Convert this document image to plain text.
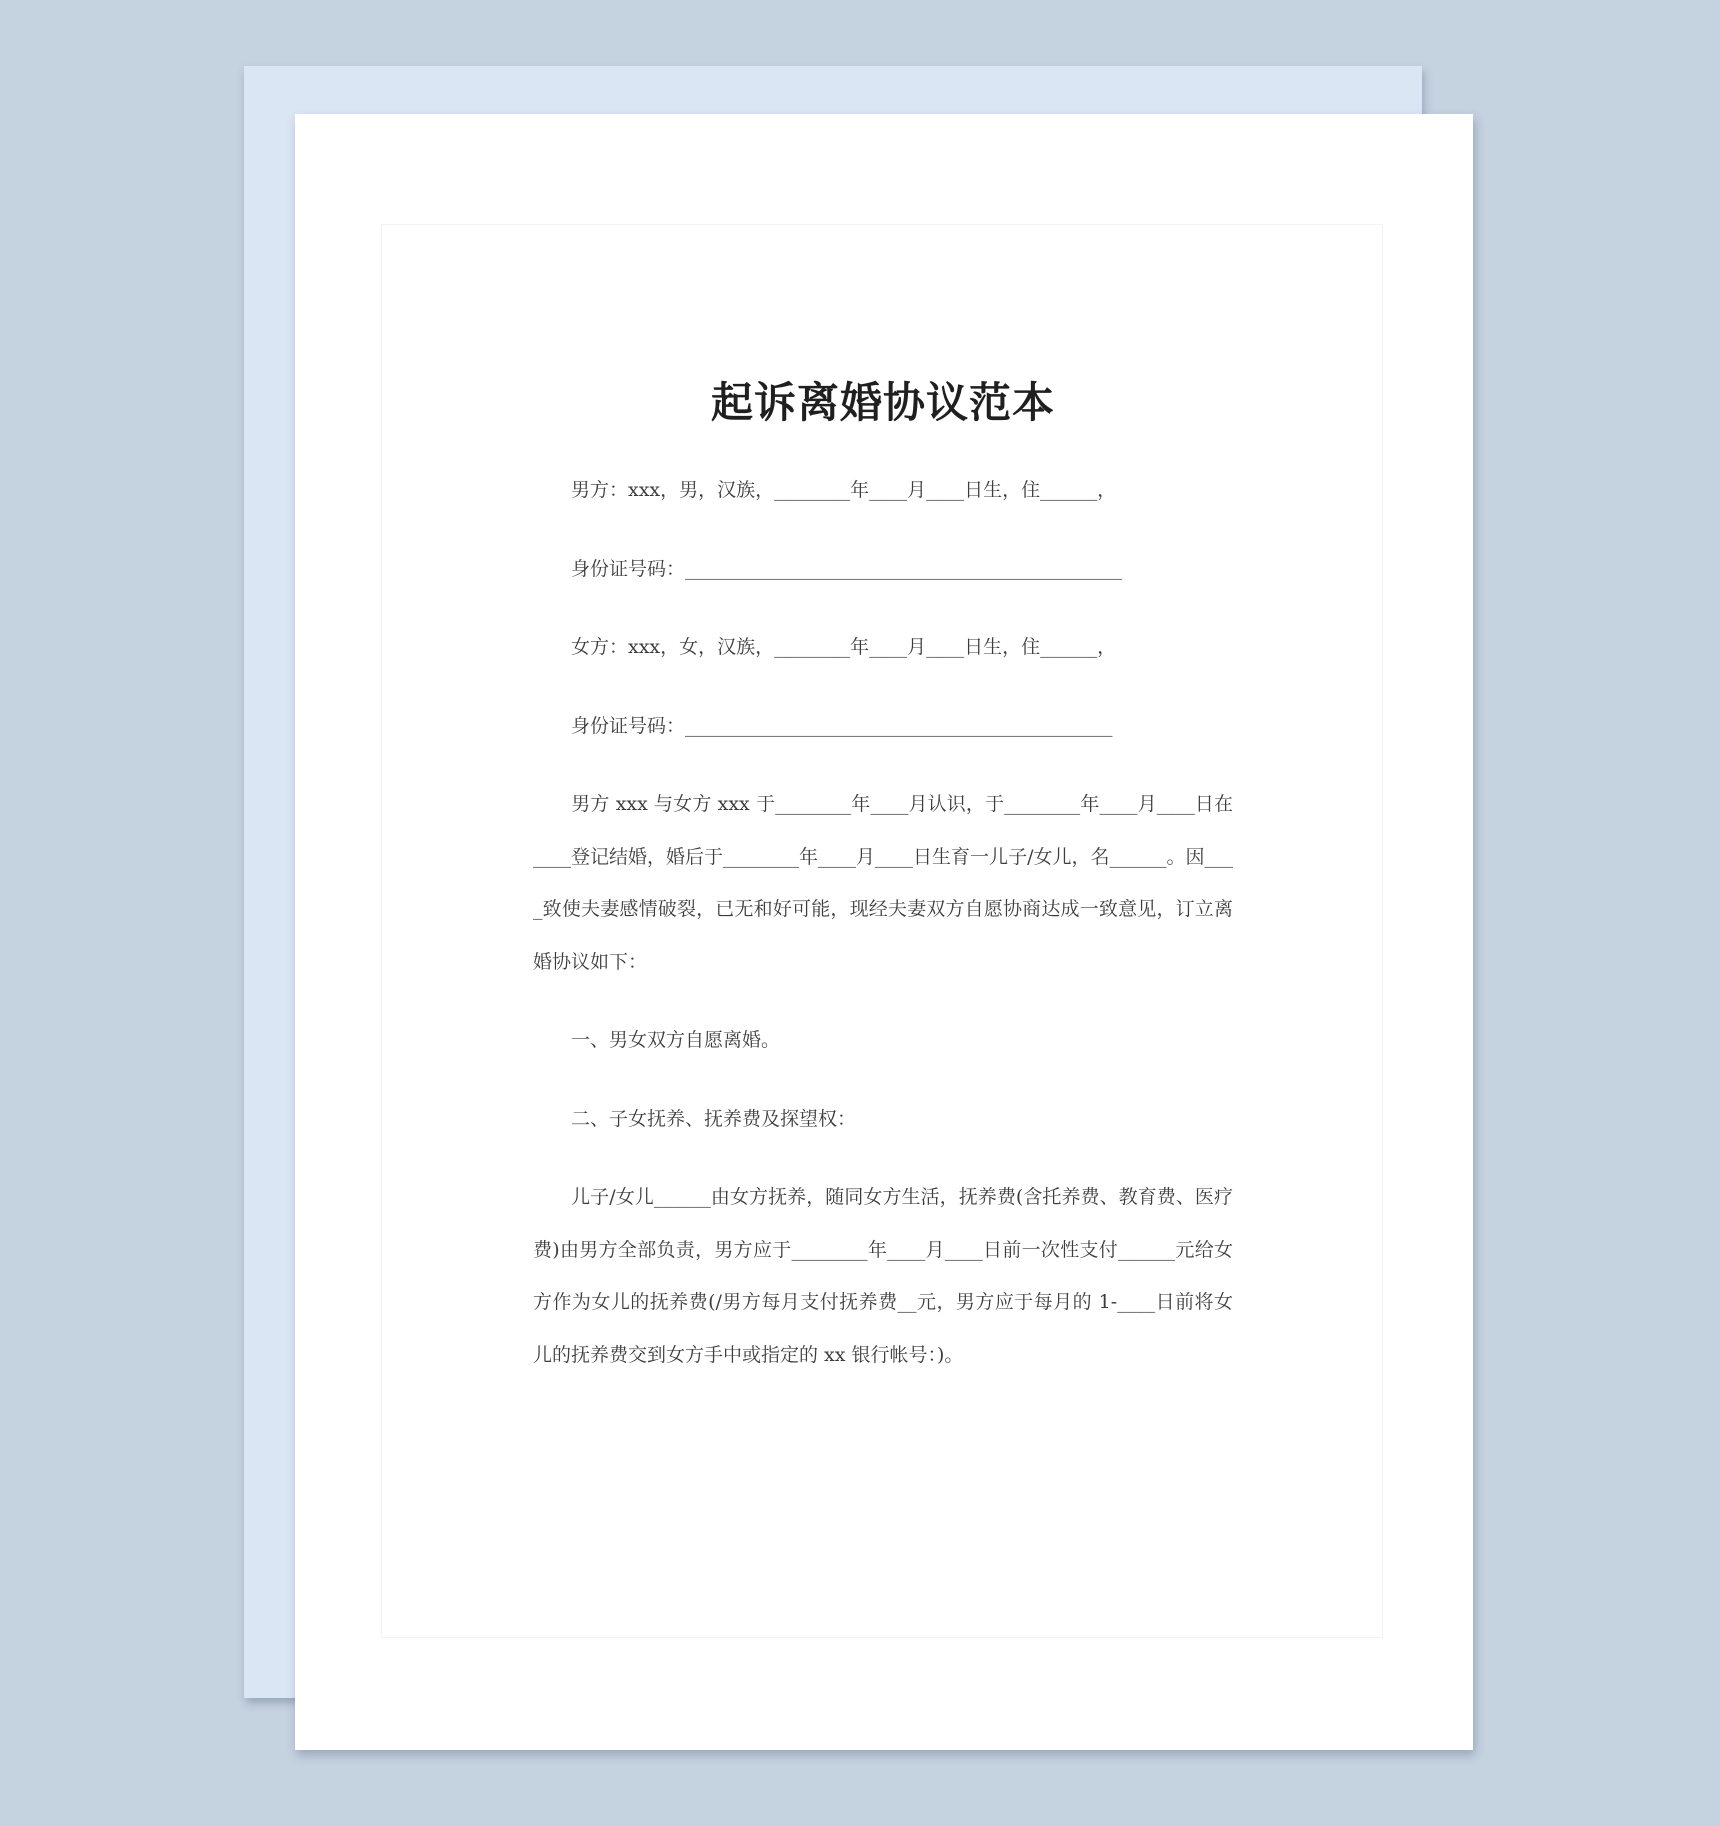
起诉离婚协议范本

　　男方：xxx，男，汉族，________年____月____日生，住______，

　　身份证号码：______________________________________________

　　女方：xxx，女，汉族，________年____月____日生，住______，

　　身份证号码：_____________________________________________

　　男方 xxx 与女方 xxx 于________年____月认识，于________年____月____日在____登记结婚，婚后于________年____月____日生育一儿子/女儿，名______。因____致使夫妻感情破裂，已无和好可能，现经夫妻双方自愿协商达成一致意见，订立离婚协议如下：

　　一、男女双方自愿离婚。

　　二、子女抚养、抚养费及探望权：

　　儿子/女儿______由女方抚养，随同女方生活，抚养费(含托养费、教育费、医疗费)由男方全部负责，男方应于________年____月____日前一次性支付______元给女方作为女儿的抚养费(/男方每月支付抚养费__元，男方应于每月的 1-____日前将女儿的抚养费交到女方手中或指定的 xx 银行帐号：)。
